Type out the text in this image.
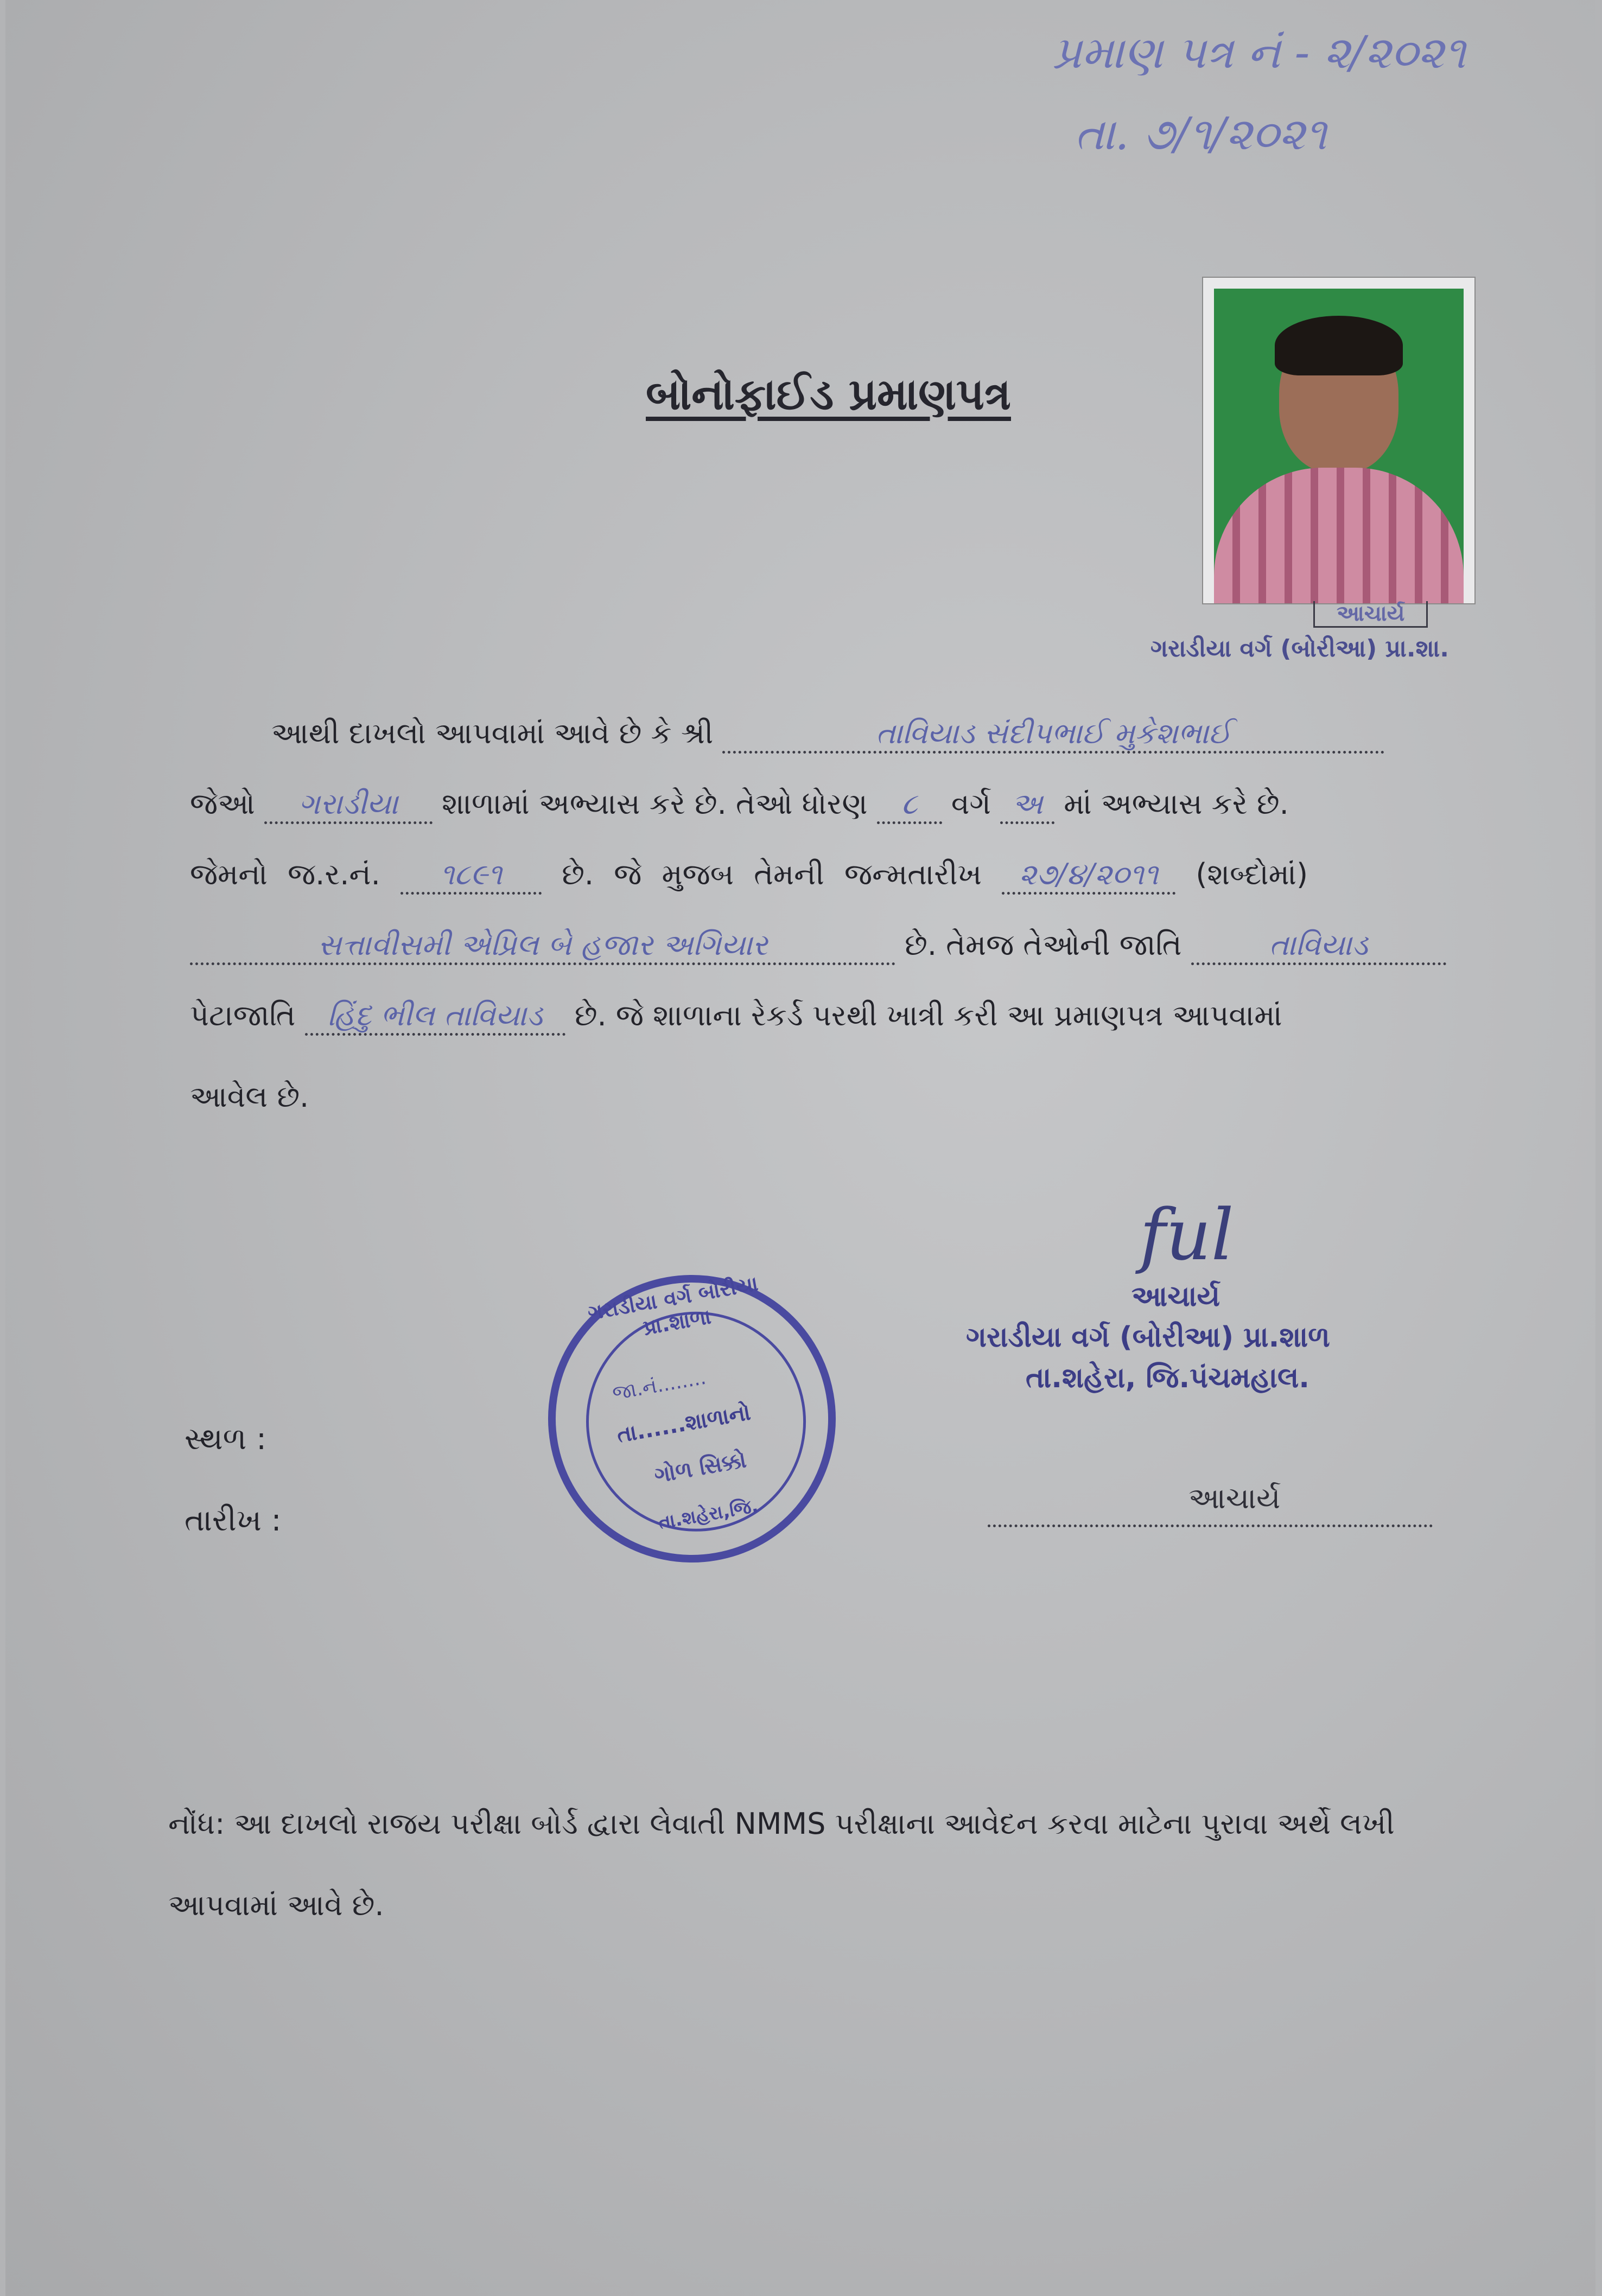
પ્રમાણ પત્ર નં - ૨/૨૦૨૧
તા. ૭/૧/૨૦૨૧
બોનોફાઈડ પ્રમાણપત્ર
આચાર્ય
ગરાડીયા વર્ગ (બોરીઆ) પ્રા.શા.
આથી દાખલો આપવામાં આવે છે કે શ્રી	તાવિયાડ સંદીપભાઈ મુકેશભાઈ
જેઓ ગરાડીયા શાળામાં અભ્યાસ કરે છે. તેઓ ધોરણ ૮ વર્ગ અ માં અભ્યાસ કરે છે.
જેમનો જ.ર.નં. ૧૮૯૧ છે. જે મુજબ તેમની જન્મતારીખ ૨૭/૪/૨૦૧૧ (શબ્દોમાં)
સત્તાવીસમી એપ્રિલ બે હજાર અગિયાર	છે. તેમજ તેઓની જાતિ	તાવિયાડ
પેટાજાતિ હિંદુ ભીલ તાવિયાડ છે. જે શાળાના રેકર્ડ પરથી ખાત્રી કરી આ પ્રમાણપત્ર આપવામાં
આવેલ છે.
ful
આચાર્ય
ગરાડીયા વર્ગ (બોરીઆ) પ્રા.શાળ
તા.શહેરા, જિ.પંચમહાલ.
સ્થળ :
તારીખ :
ગરાડીયા વર્ગ બોરીયા પ્રા.શાળા
જા.નં........
તા......શાળાનો
ગોળ સિક્કો
તા.શહેરા,જિ.	આચાર્ય
નોંધ: આ દાખલો રાજય પરીક્ષા બોર્ડ દ્વારા લેવાતી NMMS પરીક્ષાના આવેદન કરવા માટેના પુરાવા અર્થે લખી
આપવામાં આવે છે.
